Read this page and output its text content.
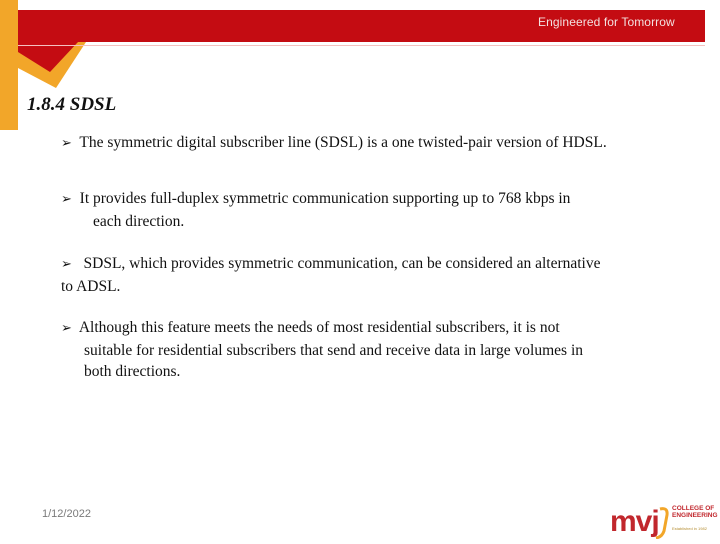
Engineered for Tomorrow
1.8.4 SDSL
➢ The symmetric digital subscriber line (SDSL) is a one twisted-pair version of HDSL.
➢ It provides full-duplex symmetric communication supporting up to 768 kbps in
each direction.
➢ SDSL, which provides symmetric communication, can be considered an alternative
to ADSL.
➢ Although this feature meets the needs of most residential subscribers, it is not
suitable for residential subscribers that send and receive data in large volumes in
both directions.
1/12/2022	mvj COLLEGE OF
ENGINEERING
Established in 1982
